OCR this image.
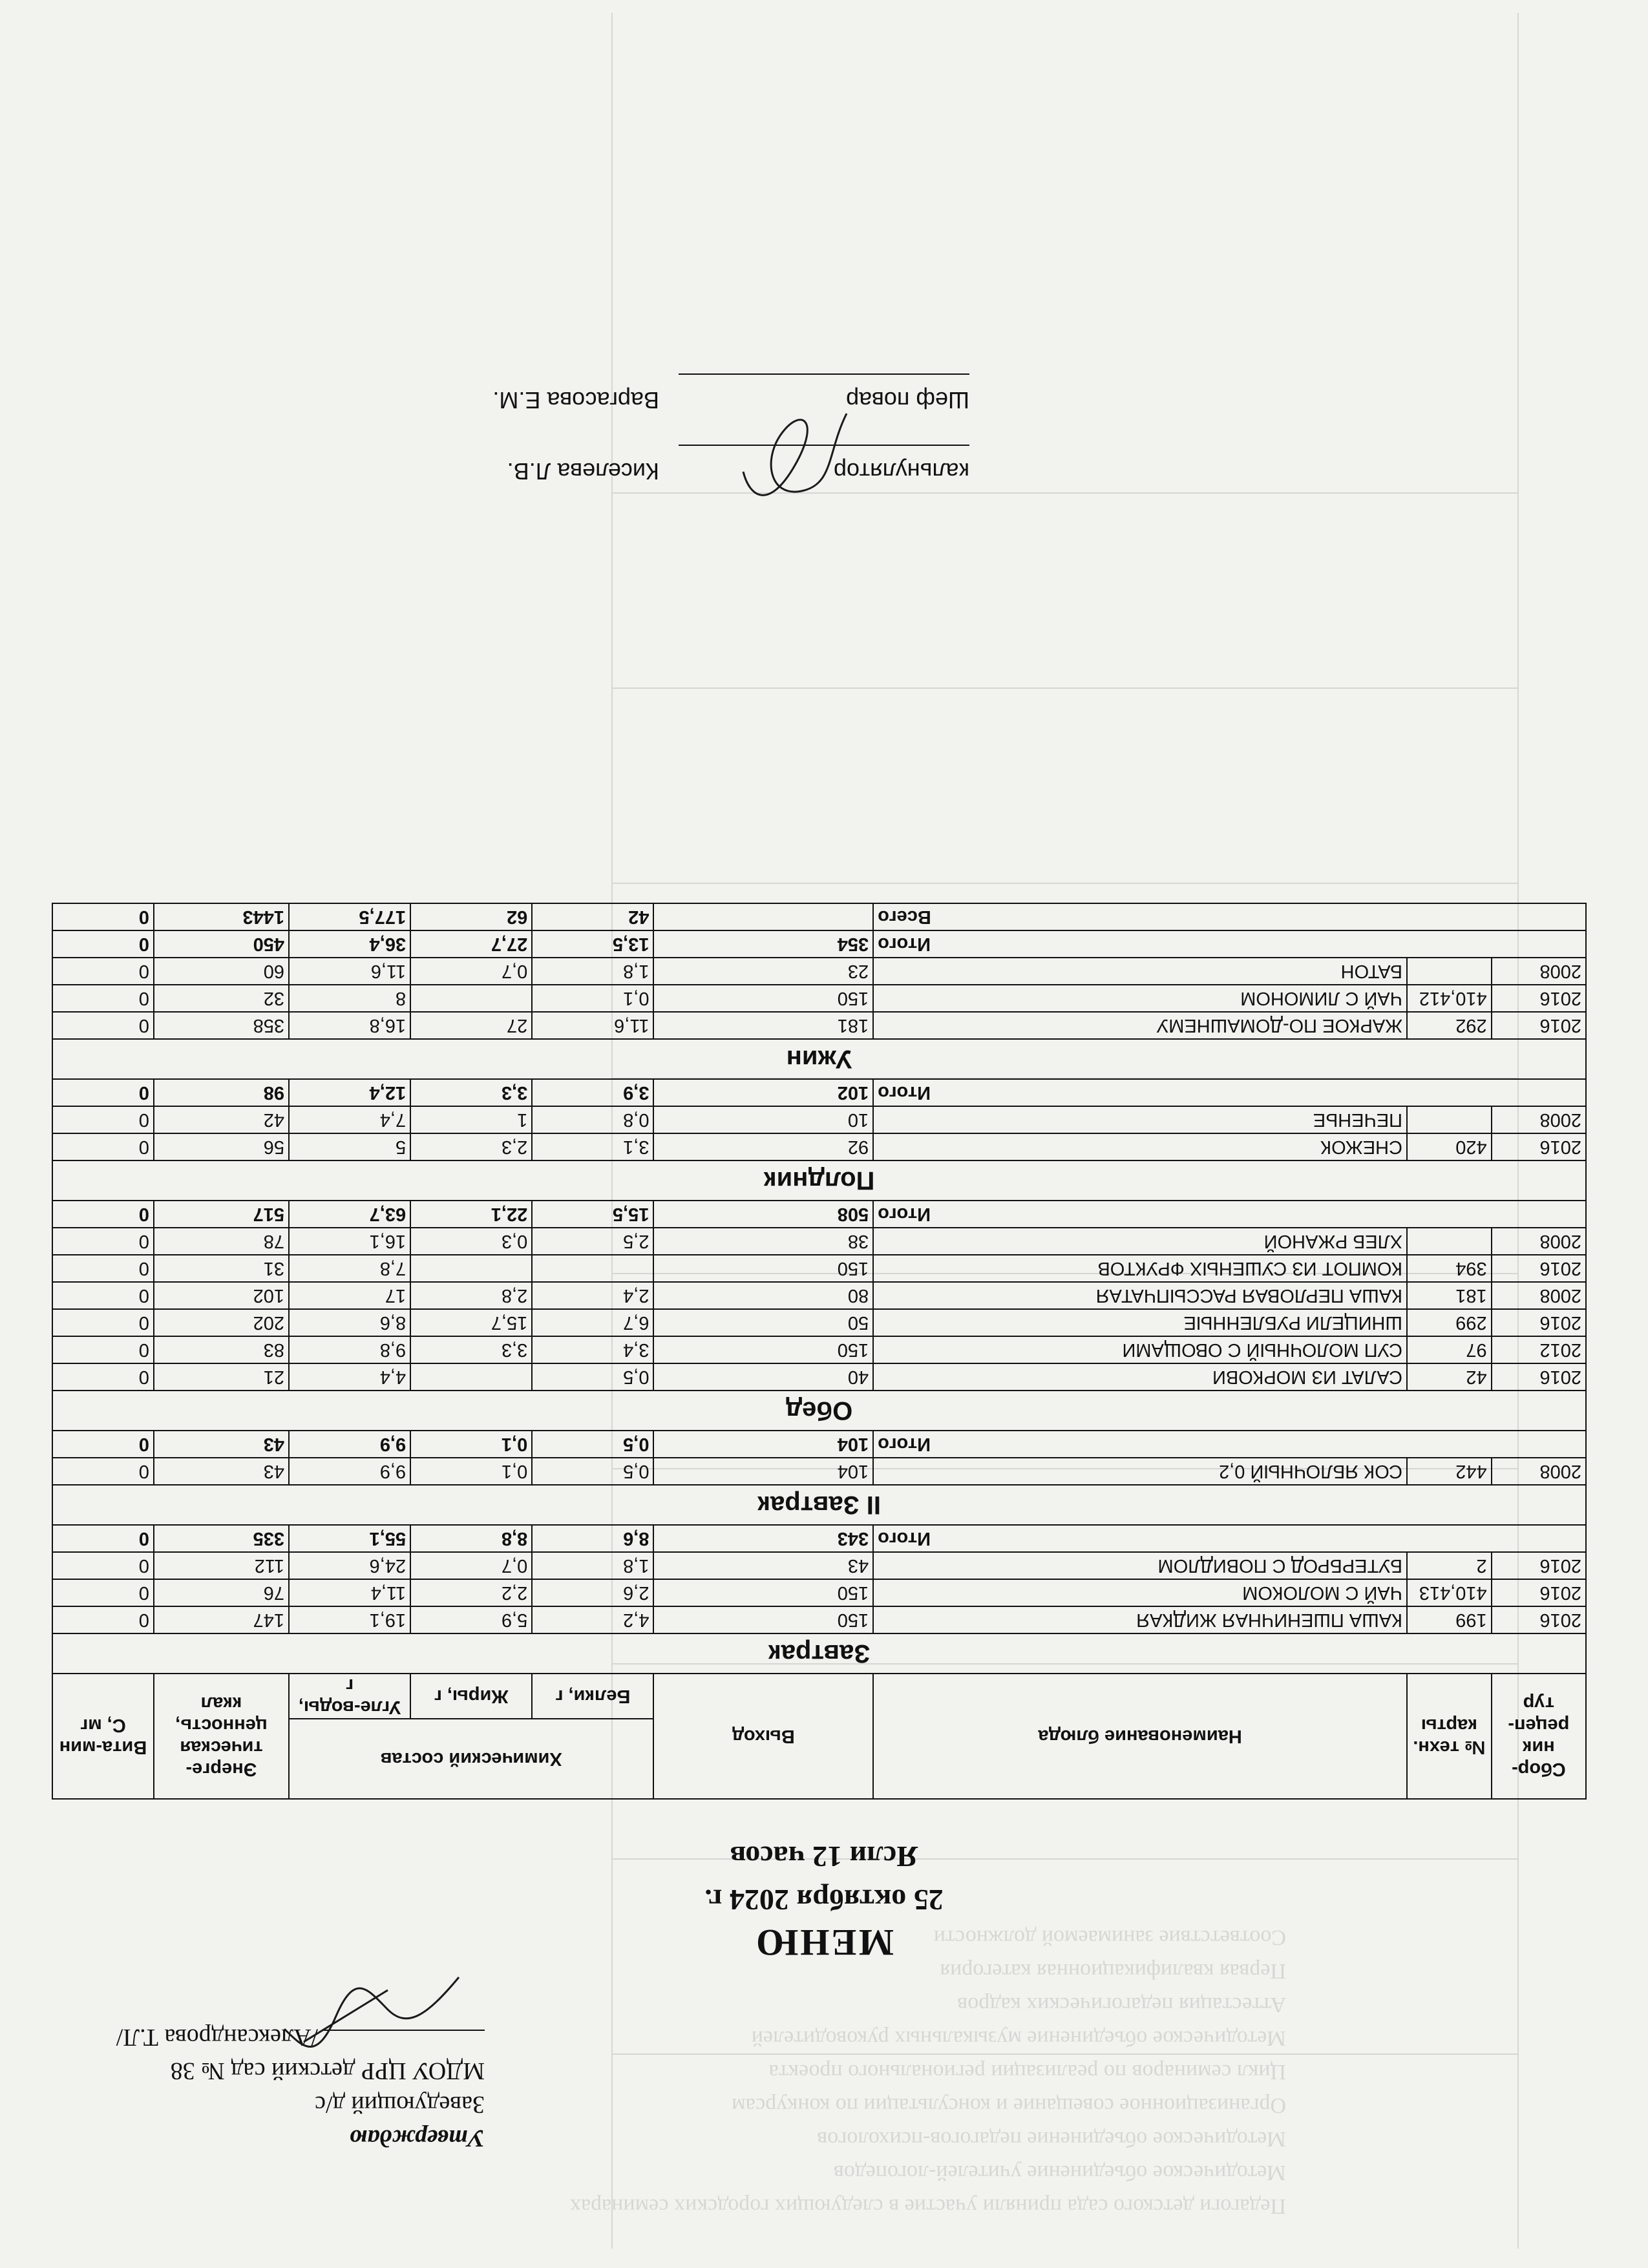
Педагоги детского сада приняли участие в следующих городских семинарах

Методическое объединение учителей-логопедов

Методическое объединение педагогов-психологов

Организационное совещание и консультации по конкурсам

Цикл семинаров по реализации регионального проекта

Методическое объединение музыкальных руководителей

Аттестация педагогических кадров

Первая квалификационная категория

Соответствие занимаемой должности

Утверждаю
Заведующий д/с
МДОУ ЦРР детский сад № 38
/Александрова Т.Л/
МЕНЮ
25 октября 2024 г.
Ясли 12 часов
Сбор-ник рецеп-тур	№ техн. карты	Наименование блюда	Выход	Химический состав			Энерге-тическая ценность, ккал	Вита-мин С, мг
				Белки, г	Жиры, г	Угле-воды, г		
Завтрак								
2016	199	КАША ПШЕНИЧНАЯ ЖИДКАЯ	150	4,2	5,9	19,1	147	0
2016	410,413	ЧАЙ С МОЛОКОМ	150	2,6	2,2	11,4	76	0
2016	2	БУТЕРБРОД С ПОВИДЛОМ	43	1,8	0,7	24,6	112	0
Итого			343	8,6	8,8	55,1	335	0
II Завтрак								
2008	442	СОК ЯБЛОЧНЫЙ 0,2	104	0,5	0,1	9,9	43	0
Итого			104	0,5	0,1	9,9	43	0
Обед								
2016	42	САЛАТ ИЗ МОРКОВИ	40	0,5		4,4	21	0
2012	97	СУП МОЛОЧНЫЙ С ОВОЩАМИ	150	3,4	3,3	9,8	83	0
2016	299	ШНИЦЕЛИ РУБЛЕННЫЕ	50	6,7	15,7	8,6	202	0
2008	181	КАША ПЕРЛОВАЯ РАССЫПЧАТАЯ	80	2,4	2,8	17	102	0
2016	394	КОМПОТ ИЗ СУШЕНЫХ ФРУКТОВ	150			7,8	31	0
2008		ХЛЕБ РЖАНОЙ	38	2,5	0,3	16,1	78	0
Итого			508	15,5	22,1	63,7	517	0
Полдник								
2016	420	СНЕЖОК	92	3,1	2,3	5	56	0
2008		ПЕЧЕНЬЕ	10	0,8	1	7,4	42	0
Итого			102	3,9	3,3	12,4	98	0
Ужин								
2016	292	ЖАРКОЕ ПО-ДОМАШНЕМУ	181	11,6	27	16,8	358	0
2016	410,412	ЧАЙ С ЛИМОНОМ	150	0,1		8	32	0
2008		БАТОН	23	1,8	0,7	11,6	60	0
Итого			354	13,5	27,7	36,4	450	0
Всего				42	62	177,5	1443	0
кальнулятор
Киселева Л.В.
Шеф повар
Варгасова Е.М.
